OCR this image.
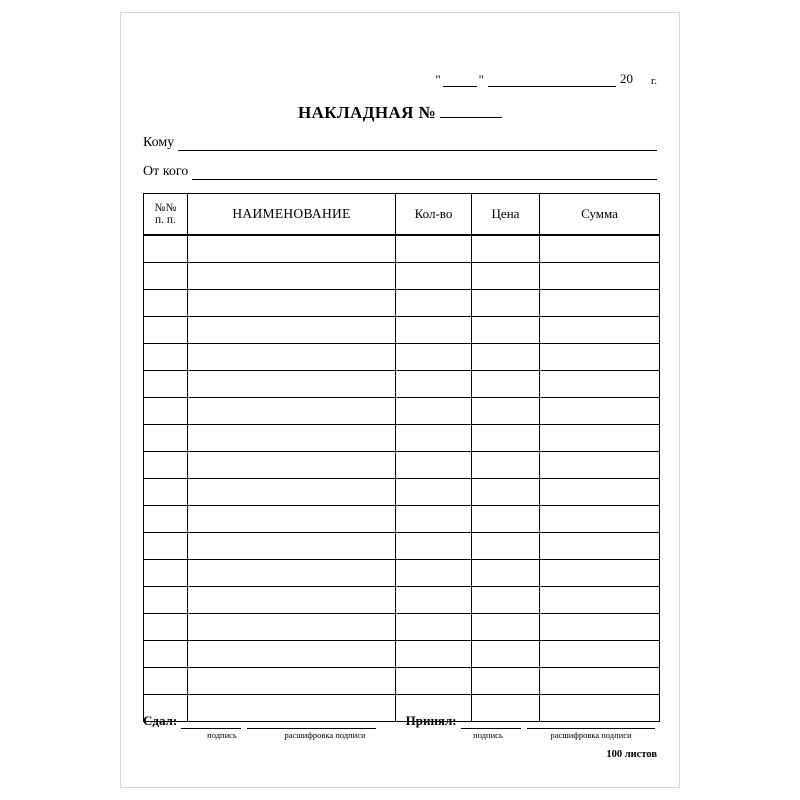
"	"	20	г.
НАКЛАДНАЯ №
Кому
От кого
№№
п. п.	НАИМЕНОВАНИЕ	Кол-во	Цена	Сумма

Сдал:	Принял:
подпись	расшифровка подписи	подпись	расшифровка подписи
100 листов
